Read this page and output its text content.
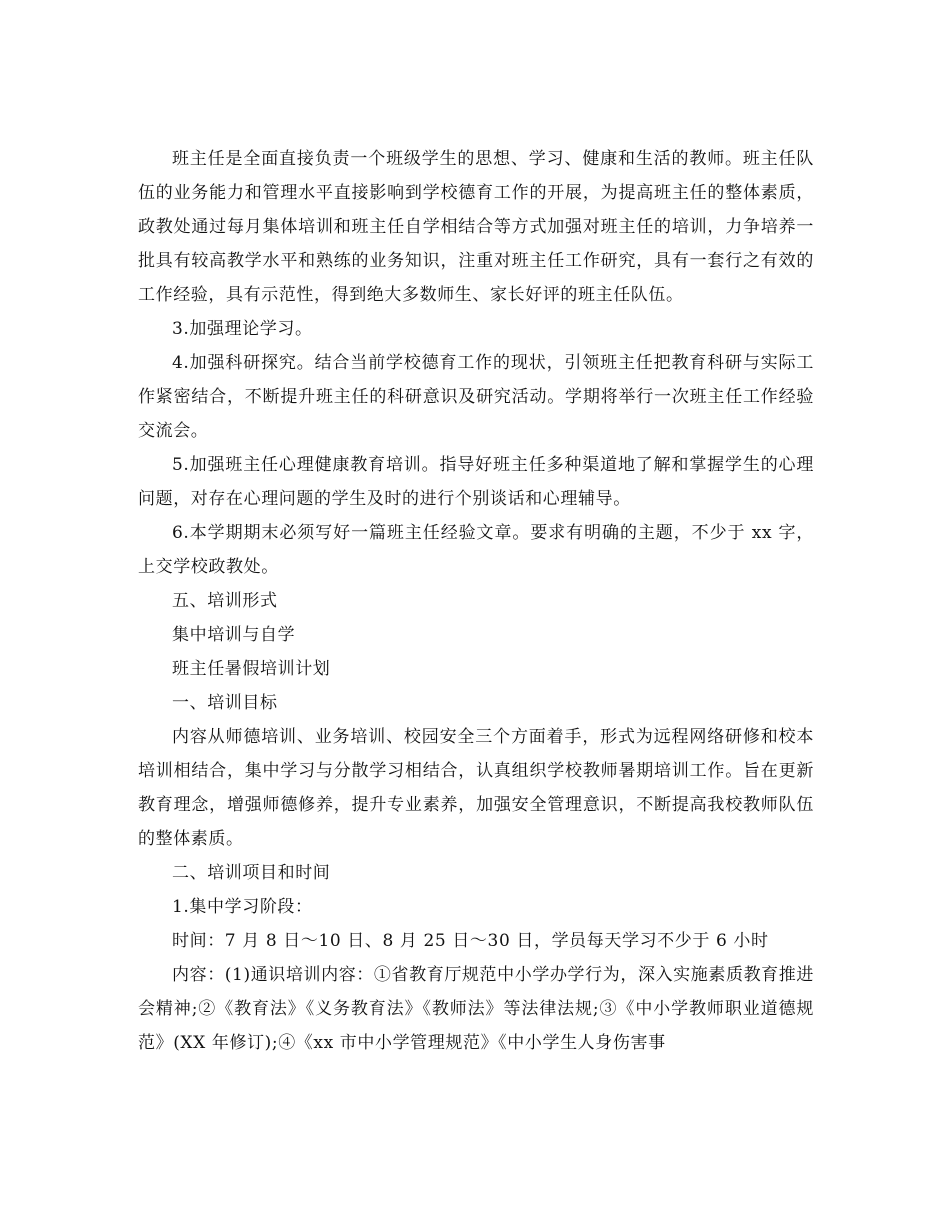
班主任是全面直接负责一个班级学生的思想、学习、健康和生活的教师。班主任队伍的业务能力和管理水平直接影响到学校德育工作的开展，为提高班主任的整体素质，政教处通过每月集体培训和班主任自学相结合等方式加强对班主任的培训，力争培养一批具有较高教学水平和熟练的业务知识，注重对班主任工作研究，具有一套行之有效的工作经验，具有示范性，得到绝大多数师生、家长好评的班主任队伍。

3.加强理论学习。

4.加强科研探究。结合当前学校德育工作的现状，引领班主任把教育科研与实际工作紧密结合，不断提升班主任的科研意识及研究活动。学期将举行一次班主任工作经验交流会。

5.加强班主任心理健康教育培训。指导好班主任多种渠道地了解和掌握学生的心理问题，对存在心理问题的学生及时的进行个别谈话和心理辅导。

6.本学期期末必须写好一篇班主任经验文章。要求有明确的主题，不少于 xx 字，上交学校政教处。

五、培训形式

集中培训与自学

班主任暑假培训计划

一、培训目标

内容从师德培训、业务培训、校园安全三个方面着手，形式为远程网络研修和校本培训相结合，集中学习与分散学习相结合，认真组织学校教师暑期培训工作。旨在更新教育理念，增强师德修养，提升专业素养，加强安全管理意识，不断提高我校教师队伍的整体素质。

二、培训项目和时间

1.集中学习阶段：

时间：7 月 8 日～10 日、8 月 25 日～30 日，学员每天学习不少于 6 小时

内容：(1)通识培训内容：①省教育厅规范中小学办学行为，深入实施素质教育推进会精神;②《教育法》《义务教育法》《教师法》等法律法规;③《中小学教师职业道德规范》(XX 年修订);④《xx 市中小学管理规范》《中小学生人身伤害事
